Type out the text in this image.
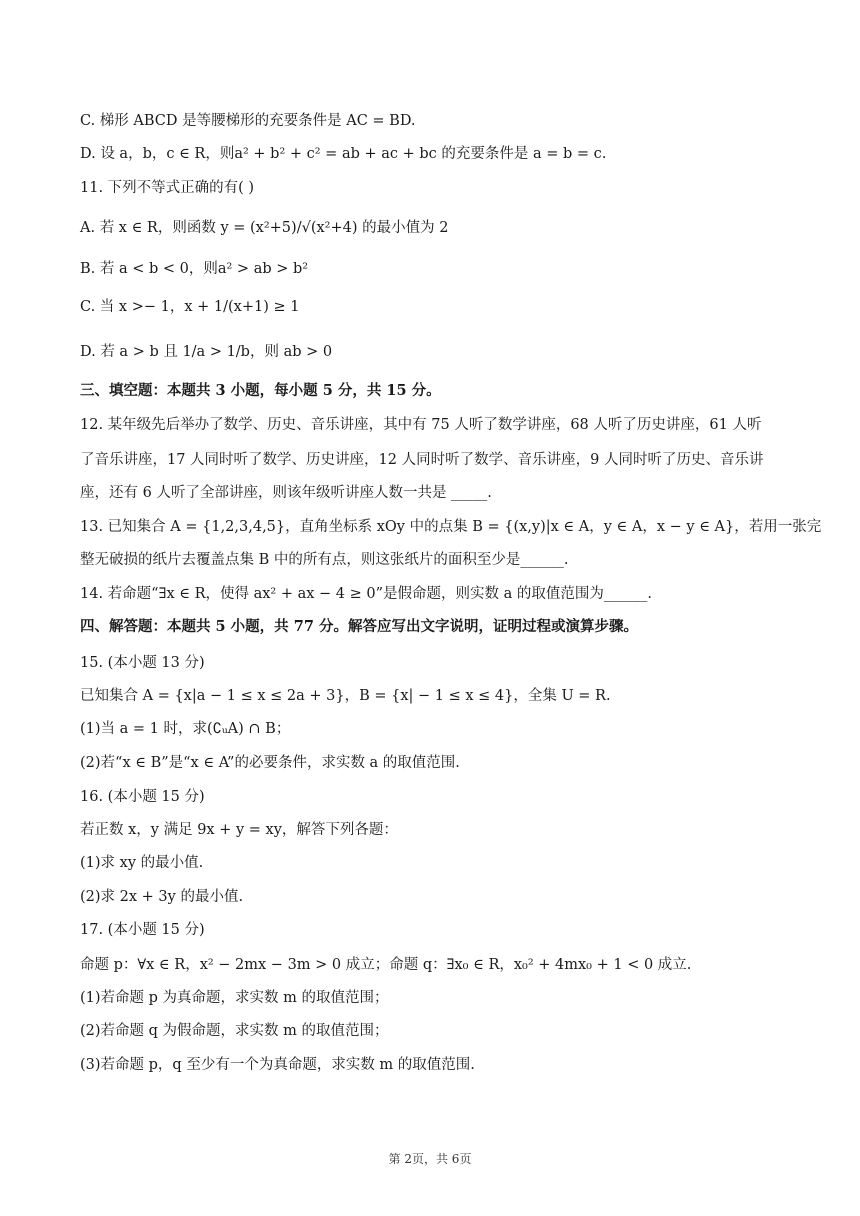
C. 梯形 ABCD 是等腰梯形的充要条件是 AC = BD.
D. 设 a，b，c ∈ R，则a² + b² + c² = ab + ac + bc 的充要条件是 a = b = c.
11. 下列不等式正确的有( )
A. 若 x ∈ R，则函数 y = (x²+5)/√(x²+4) 的最小值为 2
B. 若 a < b < 0，则a² > ab > b²
C. 当 x >− 1，x + 1/(x+1) ≥ 1
D. 若 a > b 且 1/a > 1/b，则 ab > 0
三、填空题：本题共 3 小题，每小题 5 分，共 15 分。
12. 某年级先后举办了数学、历史、音乐讲座，其中有 75 人听了数学讲座，68 人听了历史讲座，61 人听
了音乐讲座，17 人同时听了数学、历史讲座，12 人同时听了数学、音乐讲座，9 人同时听了历史、音乐讲
座，还有 6 人听了全部讲座，则该年级听讲座人数一共是 _____.
13. 已知集合 A = {1,2,3,4,5}，直角坐标系 xOy 中的点集 B = {(x,y)|x ∈ A，y ∈ A，x − y ∈ A}，若用一张完
整无破损的纸片去覆盖点集 B 中的所有点，则这张纸片的面积至少是______.
14. 若命题“∃x ∈ R，使得 ax² + ax − 4 ≥ 0”是假命题，则实数 a 的取值范围为______.
四、解答题：本题共 5 小题，共 77 分。解答应写出文字说明，证明过程或演算步骤。
15. (本小题 13 分)
已知集合 A = {x|a − 1 ≤ x ≤ 2a + 3}，B = {x| − 1 ≤ x ≤ 4}，全集 U = R.
(1)当 a = 1 时，求(∁ᵤA) ∩ B；
(2)若“x ∈ B”是“x ∈ A”的必要条件，求实数 a 的取值范围.
16. (本小题 15 分)
若正数 x，y 满足 9x + y = xy，解答下列各题：
(1)求 xy 的最小值.
(2)求 2x + 3y 的最小值.
17. (本小题 15 分)
命题 p：∀x ∈ R，x² − 2mx − 3m > 0 成立；命题 q：∃x₀ ∈ R，x₀² + 4mx₀ + 1 < 0 成立.
(1)若命题 p 为真命题，求实数 m 的取值范围；
(2)若命题 q 为假命题，求实数 m 的取值范围；
(3)若命题 p，q 至少有一个为真命题，求实数 m 的取值范围.
第 2页，共 6页
